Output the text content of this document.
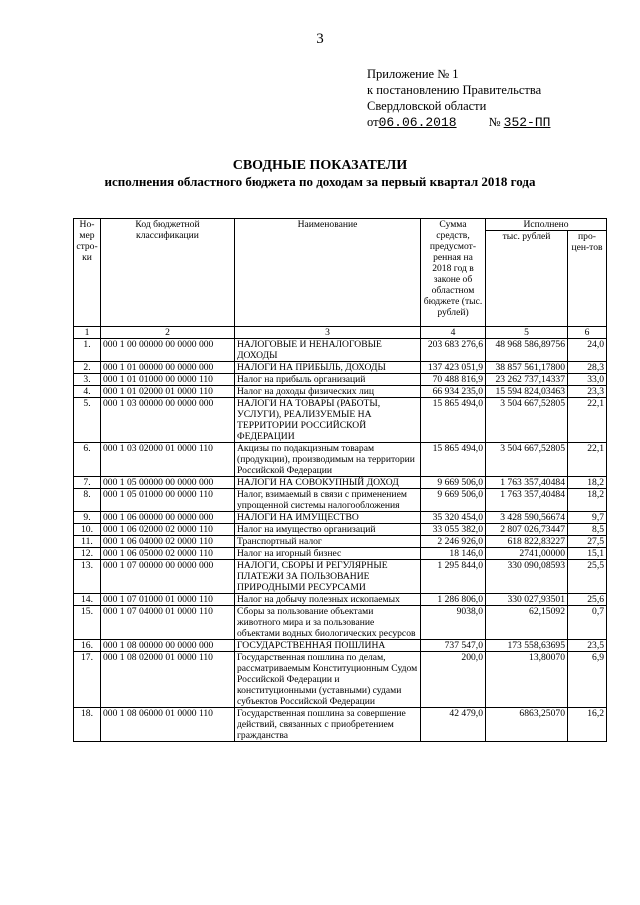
3
Приложение № 1
к постановлению Правительства
Свердловской области
от06.06.2018	№ 352-ПП
СВОДНЫЕ ПОКАЗАТЕЛИ
исполнения областного бюджета по доходам за первый квартал 2018 года
Но-мер стро-ки	Код бюджетной классификации	Наименование	Сумма средств, предусмот-ренная на 2018 год в законе об областном бюджете (тыс. рублей)	Исполнено	
				тыс. рублей	про-цен-тов
1	2	3	4	5	6
1.	000 1 00 00000 00 0000 000	НАЛОГОВЫЕ И НЕНАЛОГОВЫЕ ДОХОДЫ	203 683 276,6	48 968 586,89756	24,0
2.	000 1 01 00000 00 0000 000	НАЛОГИ НА ПРИБЫЛЬ, ДОХОДЫ	137 423 051,9	38 857 561,17800	28,3
3.	000 1 01 01000 00 0000 110	Налог на прибыль организаций	70 488 816,9	23 262 737,14337	33,0
4.	000 1 01 02000 01 0000 110	Налог на доходы физических лиц	66 934 235,0	15 594 824,03463	23,3
5.	000 1 03 00000 00 0000 000	НАЛОГИ НА ТОВАРЫ (РАБОТЫ, УСЛУГИ), РЕАЛИЗУЕМЫЕ НА ТЕРРИТОРИИ РОССИЙСКОЙ ФЕДЕРАЦИИ	15 865 494,0	3 504 667,52805	22,1
6.	000 1 03 02000 01 0000 110	Акцизы по подакцизным товарам (продукции), производимым на территории Российской Федерации	15 865 494,0	3 504 667,52805	22,1
7.	000 1 05 00000 00 0000 000	НАЛОГИ НА СОВОКУПНЫЙ ДОХОД	9 669 506,0	1 763 357,40484	18,2
8.	000 1 05 01000 00 0000 110	Налог, взимаемый в связи с применением упрощенной системы налогообложения	9 669 506,0	1 763 357,40484	18,2
9.	000 1 06 00000 00 0000 000	НАЛОГИ НА ИМУЩЕСТВО	35 320 454,0	3 428 590,56674	9,7
10.	000 1 06 02000 02 0000 110	Налог на имущество организаций	33 055 382,0	2 807 026,73447	8,5
11.	000 1 06 04000 02 0000 110	Транспортный налог	2 246 926,0	618 822,83227	27,5
12.	000 1 06 05000 02 0000 110	Налог на игорный бизнес	18 146,0	2741,00000	15,1
13.	000 1 07 00000 00 0000 000	НАЛОГИ, СБОРЫ И РЕГУЛЯРНЫЕ ПЛАТЕЖИ ЗА ПОЛЬЗОВАНИЕ ПРИРОДНЫМИ РЕСУРСАМИ	1 295 844,0	330 090,08593	25,5
14.	000 1 07 01000 01 0000 110	Налог на добычу полезных ископаемых	1 286 806,0	330 027,93501	25,6
15.	000 1 07 04000 01 0000 110	Сборы за пользование объектами животного мира и за пользование объектами водных биологических ресурсов	9038,0	62,15092	0,7
16.	000 1 08 00000 00 0000 000	ГОСУДАРСТВЕННАЯ ПОШЛИНА	737 547,0	173 558,63695	23,5
17.	000 1 08 02000 01 0000 110	Государственная пошлина по делам, рассматриваемым Конституционным Судом Российской Федерации и конституционными (уставными) судами субъектов Российской Федерации	200,0	13,80070	6,9
18.	000 1 08 06000 01 0000 110	Государственная пошлина за совершение действий, связанных с приобретением гражданства	42 479,0	6863,25070	16,2
